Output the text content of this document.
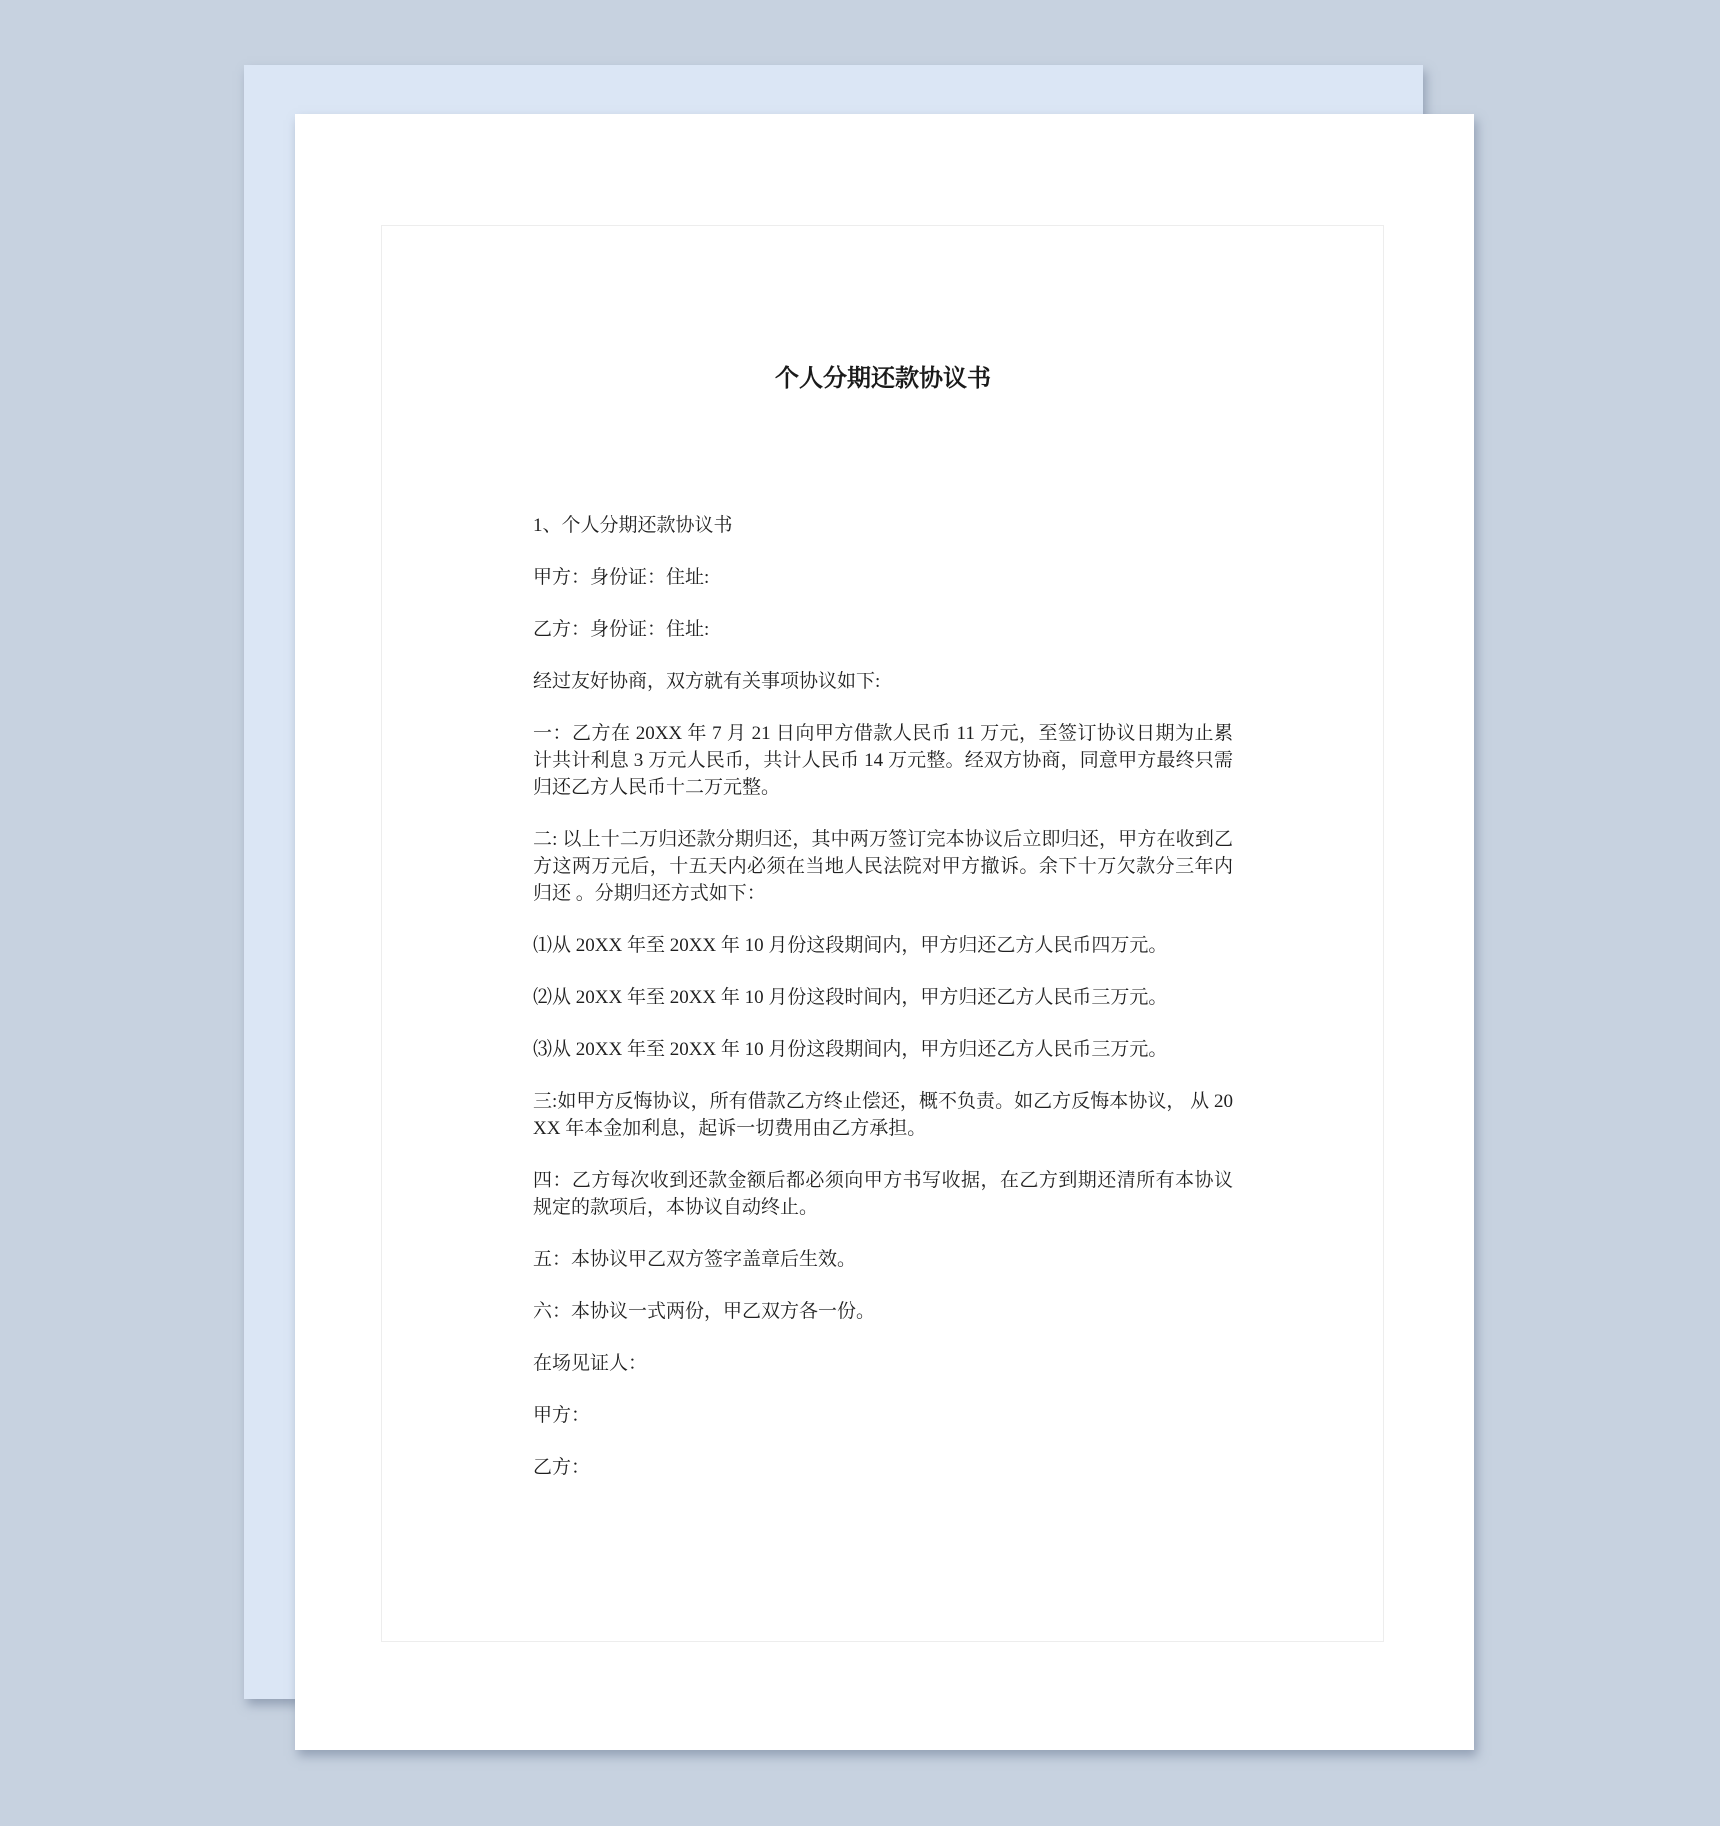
个人分期还款协议书

1、个人分期还款协议书

甲方：身份证：住址:

乙方：身份证：住址:

经过友好协商，双方就有关事项协议如下:

一：乙方在 20XX 年 7 月 21 日向甲方借款人民币 11 万元，至签订协议日期为止累计共计利息 3 万元人民币，共计人民币 14 万元整。经双方协商，同意甲方最终只需归还乙方人民币十二万元整。

二: 以上十二万归还款分期归还，其中两万签订完本协议后立即归还，甲方在收到乙方这两万元后，十五天内必须在当地人民法院对甲方撤诉。余下十万欠款分三年内归还 。分期归还方式如下：

⑴从 20XX 年至 20XX 年 10 月份这段期间内，甲方归还乙方人民币四万元。

⑵从 20XX 年至 20XX 年 10 月份这段时间内，甲方归还乙方人民币三万元。

⑶从 20XX 年至 20XX 年 10 月份这段期间内，甲方归还乙方人民币三万元。

三:如甲方反悔协议，所有借款乙方终止偿还，概不负责。如乙方反悔本协议， 从 20XX 年本金加利息，起诉一切费用由乙方承担。

四：乙方每次收到还款金额后都必须向甲方书写收据，在乙方到期还清所有本协议规定的款项后，本协议自动终止。

五：本协议甲乙双方签字盖章后生效。

六：本协议一式两份，甲乙双方各一份。

在场见证人：

甲方：

乙方：
